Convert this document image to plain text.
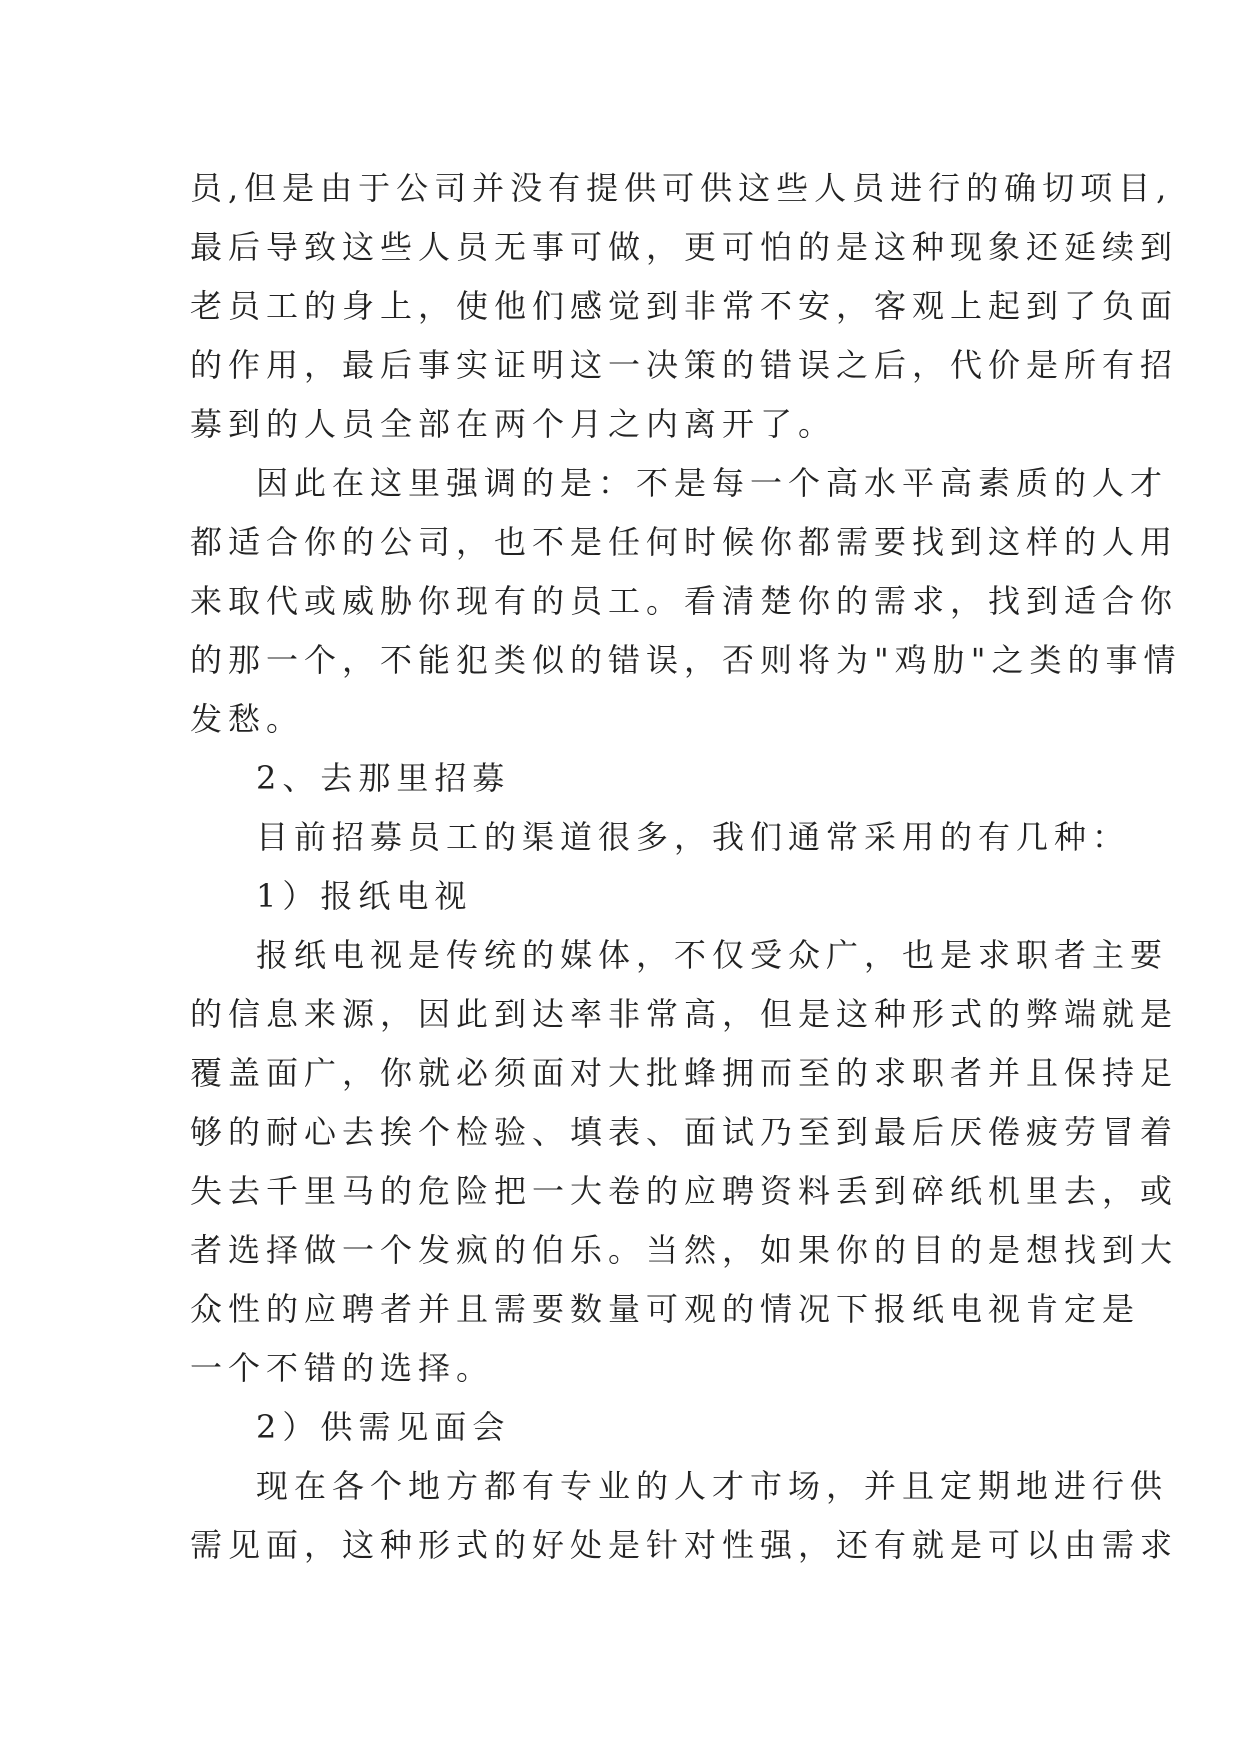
员,但是由于公司并没有提供可供这些人员进行的确切项目,
最后导致这些人员无事可做，更可怕的是这种现象还延续到
老员工的身上，使他们感觉到非常不安，客观上起到了负面
的作用，最后事实证明这一决策的错误之后，代价是所有招
募到的人员全部在两个月之内离开了。
因此在这里强调的是：不是每一个高水平高素质的人才
都适合你的公司，也不是任何时候你都需要找到这样的人用
来取代或威胁你现有的员工。看清楚你的需求，找到适合你
的那一个，不能犯类似的错误，否则将为"鸡肋"之类的事情
发愁。
2、去那里招募
目前招募员工的渠道很多，我们通常采用的有几种：
1）报纸电视
报纸电视是传统的媒体，不仅受众广，也是求职者主要
的信息来源，因此到达率非常高，但是这种形式的弊端就是
覆盖面广，你就必须面对大批蜂拥而至的求职者并且保持足
够的耐心去挨个检验、填表、面试乃至到最后厌倦疲劳冒着
失去千里马的危险把一大卷的应聘资料丢到碎纸机里去，或
者选择做一个发疯的伯乐。当然，如果你的目的是想找到大
众性的应聘者并且需要数量可观的情况下报纸电视肯定是
一个不错的选择。
2）供需见面会
现在各个地方都有专业的人才市场，并且定期地进行供
需见面，这种形式的好处是针对性强，还有就是可以由需求
